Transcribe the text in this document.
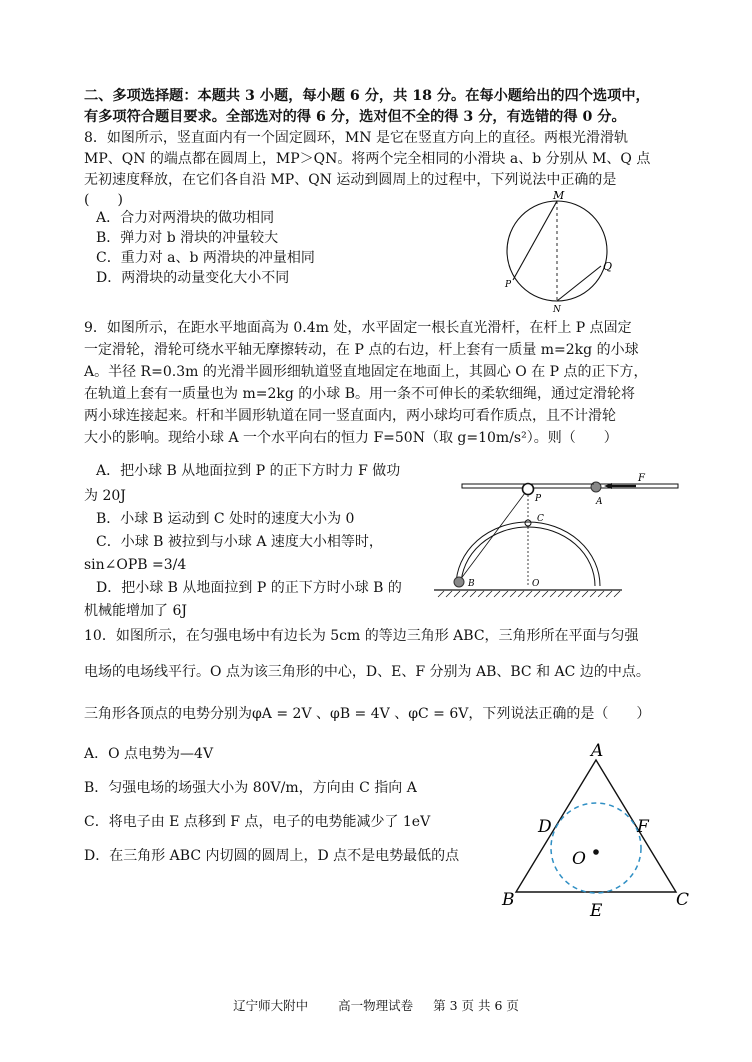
二、多项选择题：本题共 3 小题，每小题 6 分，共 18 分。在每小题给出的四个选项中，
有多项符合题目要求。全部选对的得 6 分，选对但不全的得 3 分，有选错的得 0 分。
8．如图所示，竖直面内有一个固定圆环，MN 是它在竖直方向上的直径。两根光滑滑轨
MP、QN 的端点都在圆周上，MP＞QN。将两个完全相同的小滑块 a、b 分别从 M、Q 点
无初速度释放，在它们各自沿 MP、QN 运动到圆周上的过程中，下列说法中正确的是
(　　)
A．合力对两滑块的做功相同
B．弹力对 b 滑块的冲量较大
C．重力对 a、b 两滑块的冲量相同
D．两滑块的动量变化大小不同
M
N
P
Q
9．如图所示，在距水平地面高为 0.4m 处，水平固定一根长直光滑杆，在杆上 P 点固定
一定滑轮，滑轮可绕水平轴无摩擦转动，在 P 点的右边，杆上套有一质量 m=2kg 的小球
A。半径 R=0.3m 的光滑半圆形细轨道竖直地固定在地面上，其圆心 O 在 P 点的正下方，
在轨道上套有一质量也为 m=2kg 的小球 B。用一条不可伸长的柔软细绳，通过定滑轮将
两小球连接起来。杆和半圆形轨道在同一竖直面内，两小球均可看作质点，且不计滑轮
大小的影响。现给小球 A 一个水平向右的恒力 F=50N（取 g=10m/s²）。则（　　）
A．把小球 B 从地面拉到 P 的正下方时力 F 做功
为 20J
B．小球 B 运动到 C 处时的速度大小为 0
C．小球 B 被拉到与小球 A 速度大小相等时，
sin∠OPB =3/4
D．把小球 B 从地面拉到 P 的正下方时小球 B 的
机械能增加了 6J
F
A
P
C
B	O
10．如图所示，在匀强电场中有边长为 5cm 的等边三角形 ABC，三角形所在平面与匀强
电场的电场线平行。O 点为该三角形的中心，D、E、F 分别为 AB、BC 和 AC 边的中点。
三角形各顶点的电势分别为φA = 2V 、φB = 4V 、φC = 6V，下列说法正确的是（　　）
A．O 点电势为—4V
B．匀强电场的场强大小为 80V/m，方向由 C 指向 A
C．将电子由 E 点移到 F 点，电子的电势能减少了 1eV
D．在三角形 ABC 内切圆的圆周上，D 点不是电势最低的点
A
B	C
D	F
E
O
辽宁师大附中 高一物理试卷 第 3 页 共 6 页
